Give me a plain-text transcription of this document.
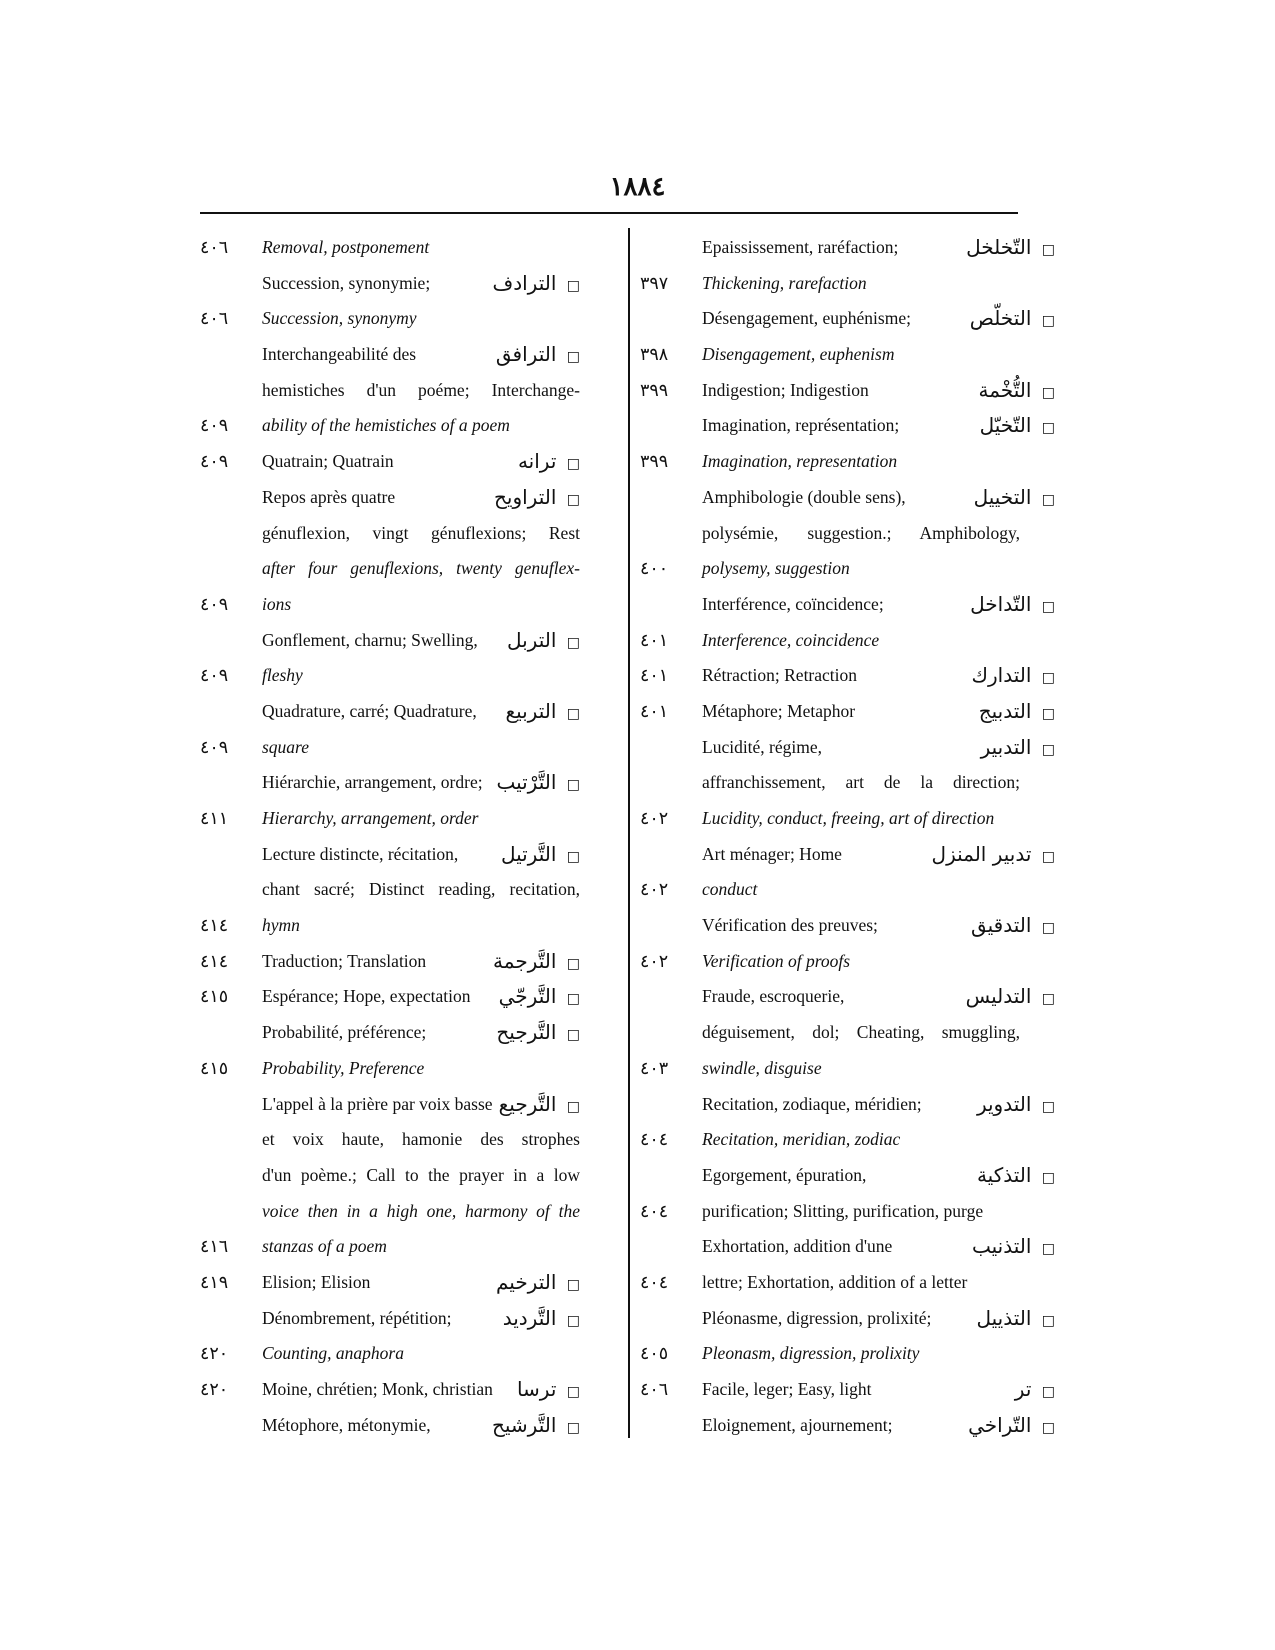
١٨٨٤
٤٠٦	Removal, postponement
Succession, synonymie;	□ الترادف
٤٠٦	Succession, synonymy
Interchangeabilité des	□ الترافق
hemistiches d'un poéme; Interchange-
٤٠٩	ability of the hemistiches of a poem
٤٠٩	Quatrain; Quatrain	□ ترانه
Repos après quatre	□ التراويح
génuflexion, vingt génuflexions; Rest
after four genuflexions, twenty genuflex-
٤٠٩	ions
Gonflement, charnu; Swelling,	□ التربل
٤٠٩	fleshy
Quadrature, carré; Quadrature,	□ التربيع
٤٠٩	square
Hiérarchie, arrangement, ordre;	□ التَّرْتيب
٤١١	Hierarchy, arrangement, order
Lecture distincte, récitation,	□ التَّرتيل
chant sacré; Distinct reading, recitation,
٤١٤	hymn
٤١٤	Traduction; Translation	□ التَّرجمة
٤١٥	Espérance; Hope, expectation	□ التَّرجّي
Probabilité, préférence;	□ التَّرجيح
٤١٥	Probability, Preference
L'appel à la prière par voix basse	□ التَّرجيع
et voix haute, hamonie des strophes
d'un poème.; Call to the prayer in a low
voice then in a high one, harmony of the
٤١٦	stanzas of a poem
٤١٩	Elision; Elision	□ الترخيم
Dénombrement, répétition;	□ التَّرديد
٤٢٠	Counting, anaphora
٤٢٠	Moine, chrétien; Monk, christian	□ ترسا
Métophore, métonymie,	□ التَّرشيح
Epaississement, raréfaction;	□ التّخلخل
٣٩٧	Thickening, rarefaction
Désengagement, euphénisme;	□ التخلّص
٣٩٨	Disengagement, euphenism
٣٩٩	Indigestion; Indigestion	□ التُّخْمة
Imagination, représentation;	□ التّخيّل
٣٩٩	Imagination, representation
Amphibologie (double sens),	□ التخييل
polysémie, suggestion.; Amphibology,
٤٠٠	polysemy, suggestion
Interférence, coïncidence;	□ التّداخل
٤٠١	Interference, coincidence
٤٠١	Rétraction; Retraction	□ التدارك
٤٠١	Métaphore; Metaphor	□ التدبيج
Lucidité, régime,	□ التدبير
affranchissement, art de la direction;
٤٠٢	Lucidity, conduct, freeing, art of direction
Art ménager; Home	□ تدبير المنزل
٤٠٢	conduct
Vérification des preuves;	□ التدقيق
٤٠٢	Verification of proofs
Fraude, escroquerie,	□ التدليس
déguisement, dol; Cheating, smuggling,
٤٠٣	swindle, disguise
Recitation, zodiaque, méridien;	□ التدوير
٤٠٤	Recitation, meridian, zodiac
Egorgement, épuration,	□ التذكية
٤٠٤	purification; Slitting, purification, purge
Exhortation, addition d'une	□ التذنيب
٤٠٤	lettre; Exhortation, addition of a letter
Pléonasme, digression, prolixité;	□ التذييل
٤٠٥	Pleonasm, digression, prolixity
٤٠٦	Facile, leger; Easy, light	□ تر
Eloignement, ajournement;	□ التّراخي
